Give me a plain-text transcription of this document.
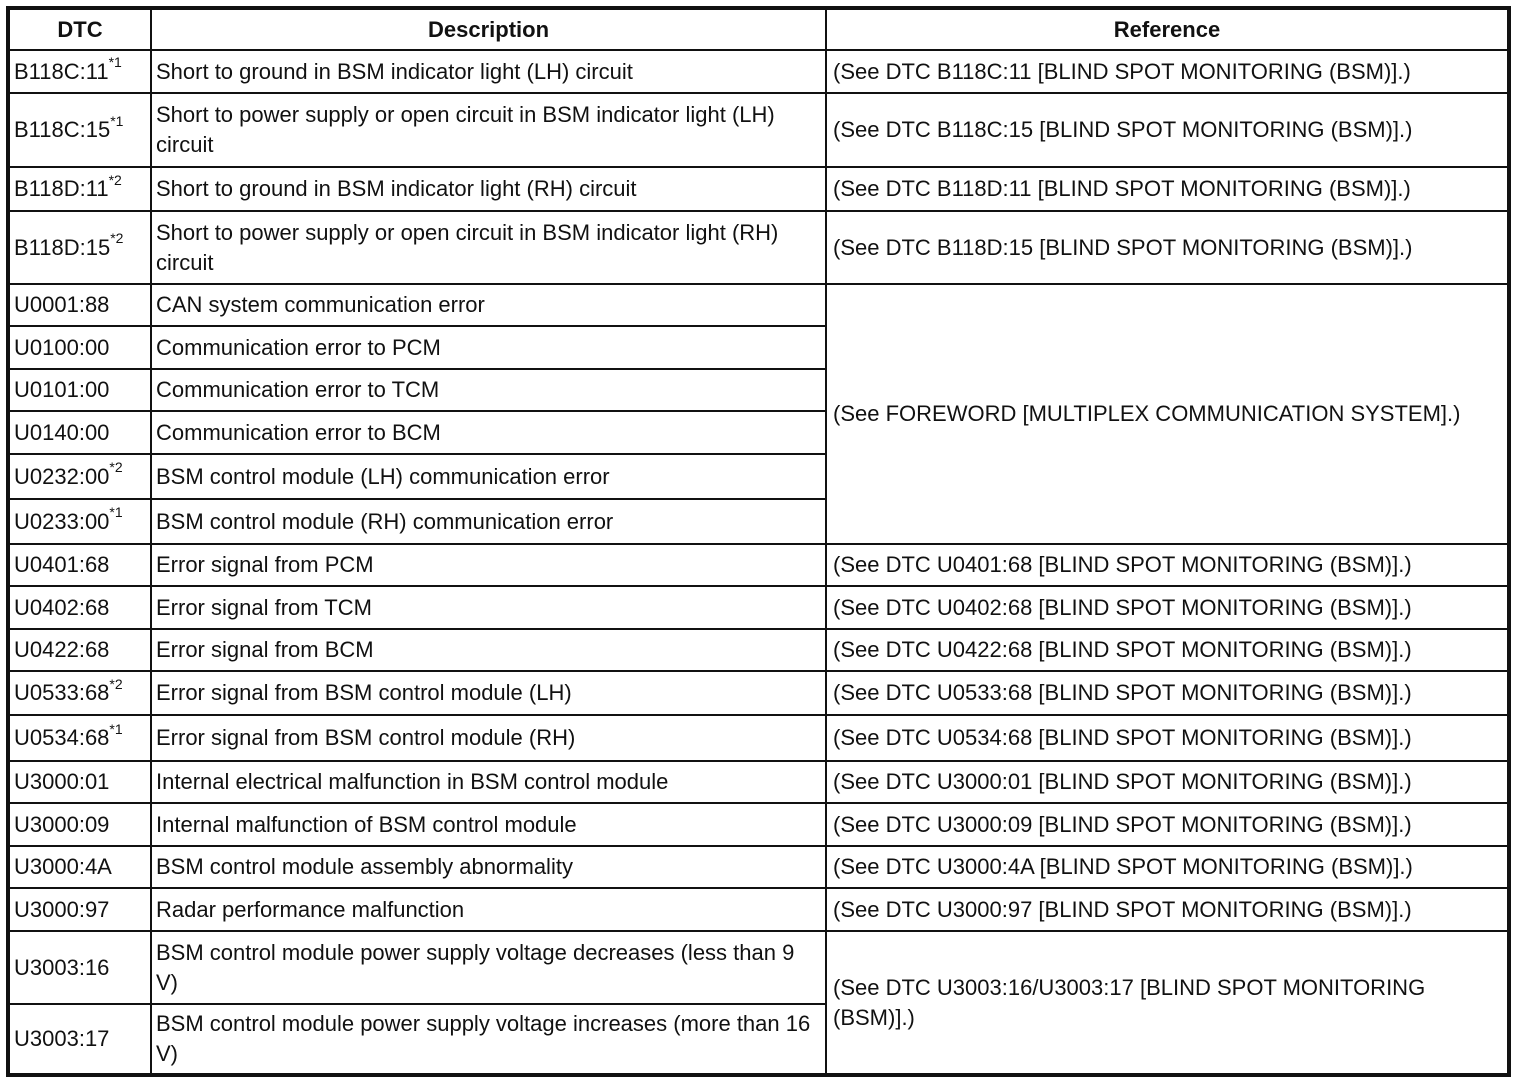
DTC	Description	Reference
B118C:11$^{*1}$	Short to ground in BSM indicator light (LH) circuit	(See DTC B118C:11 [BLIND SPOT MONITORING (BSM)].)
B118C:15$^{*1}$	Short to power supply or open circuit in BSM indicator light (LH) circuit	(See DTC B118C:15 [BLIND SPOT MONITORING (BSM)].)
B118D:11$^{*2}$	Short to ground in BSM indicator light (RH) circuit	(See DTC B118D:11 [BLIND SPOT MONITORING (BSM)].)
B118D:15$^{*2}$	Short to power supply or open circuit in BSM indicator light (RH) circuit	(See DTC B118D:15 [BLIND SPOT MONITORING (BSM)].)
U0001:88	CAN system communication error	(See FOREWORD [MULTIPLEX COMMUNICATION SYSTEM].)
U0100:00	Communication error to PCM	
U0101:00	Communication error to TCM	
U0140:00	Communication error to BCM	
U0232:00$^{*2}$	BSM control module (LH) communication error	
U0233:00$^{*1}$	BSM control module (RH) communication error	
U0401:68	Error signal from PCM	(See DTC U0401:68 [BLIND SPOT MONITORING (BSM)].)
U0402:68	Error signal from TCM	(See DTC U0402:68 [BLIND SPOT MONITORING (BSM)].)
U0422:68	Error signal from BCM	(See DTC U0422:68 [BLIND SPOT MONITORING (BSM)].)
U0533:68$^{*2}$	Error signal from BSM control module (LH)	(See DTC U0533:68 [BLIND SPOT MONITORING (BSM)].)
U0534:68$^{*1}$	Error signal from BSM control module (RH)	(See DTC U0534:68 [BLIND SPOT MONITORING (BSM)].)
U3000:01	Internal electrical malfunction in BSM control module	(See DTC U3000:01 [BLIND SPOT MONITORING (BSM)].)
U3000:09	Internal malfunction of BSM control module	(See DTC U3000:09 [BLIND SPOT MONITORING (BSM)].)
U3000:4A	BSM control module assembly abnormality	(See DTC U3000:4A [BLIND SPOT MONITORING (BSM)].)
U3000:97	Radar performance malfunction	(See DTC U3000:97 [BLIND SPOT MONITORING (BSM)].)
U3003:16	BSM control module power supply voltage decreases (less than 9 V)	(See DTC U3003:16/U3003:17 [BLIND SPOT MONITORING (BSM)].)
U3003:17	BSM control module power supply voltage increases (more than 16 V)	
